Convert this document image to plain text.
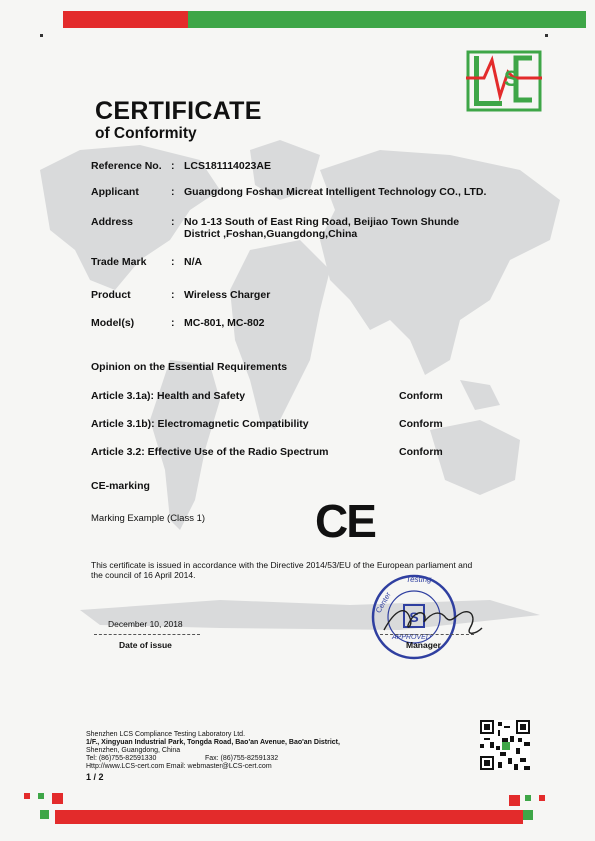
S
CERTIFICATE
of Conformity
Reference No. : LCS181114023AE
Applicant	: Guangdong Foshan Micreat Intelligent Technology CO., LTD.
Address	: No 1-13 South of East Ring Road, Beijiao Town Shunde
District ,Foshan,Guangdong,China
Trade Mark : N/A
Product	: Wireless Charger
Model(s)	: MC-801, MC-802
Opinion on the Essential Requirements
Article 3.1a): Health and Safety	Conform
Article 3.1b): Electromagnetic Compatibility	Conform
Article 3.2: Effective Use of the Radio Spectrum	Conform
CE-marking
Marking Example (Class 1) CE
This certificate is issued in accordance with the Directive 2014/53/EU of the European parliament and
the council of 16 April 2014.
December 10, 2018
Date of issue
S
Testing
Center
APPROVED
Manager
Shenzhen LCS Compliance Testing Laboratory Ltd.
1/F., Xingyuan Industrial Park, Tongda Road, Bao'an Avenue, Bao'an District,
Shenzhen, Guangdong, China
Tel: (86)755-82591330	Fax: (86)755-82591332
Http://www.LCS-cert.com Email: webmaster@LCS-cert.com
1 / 2
